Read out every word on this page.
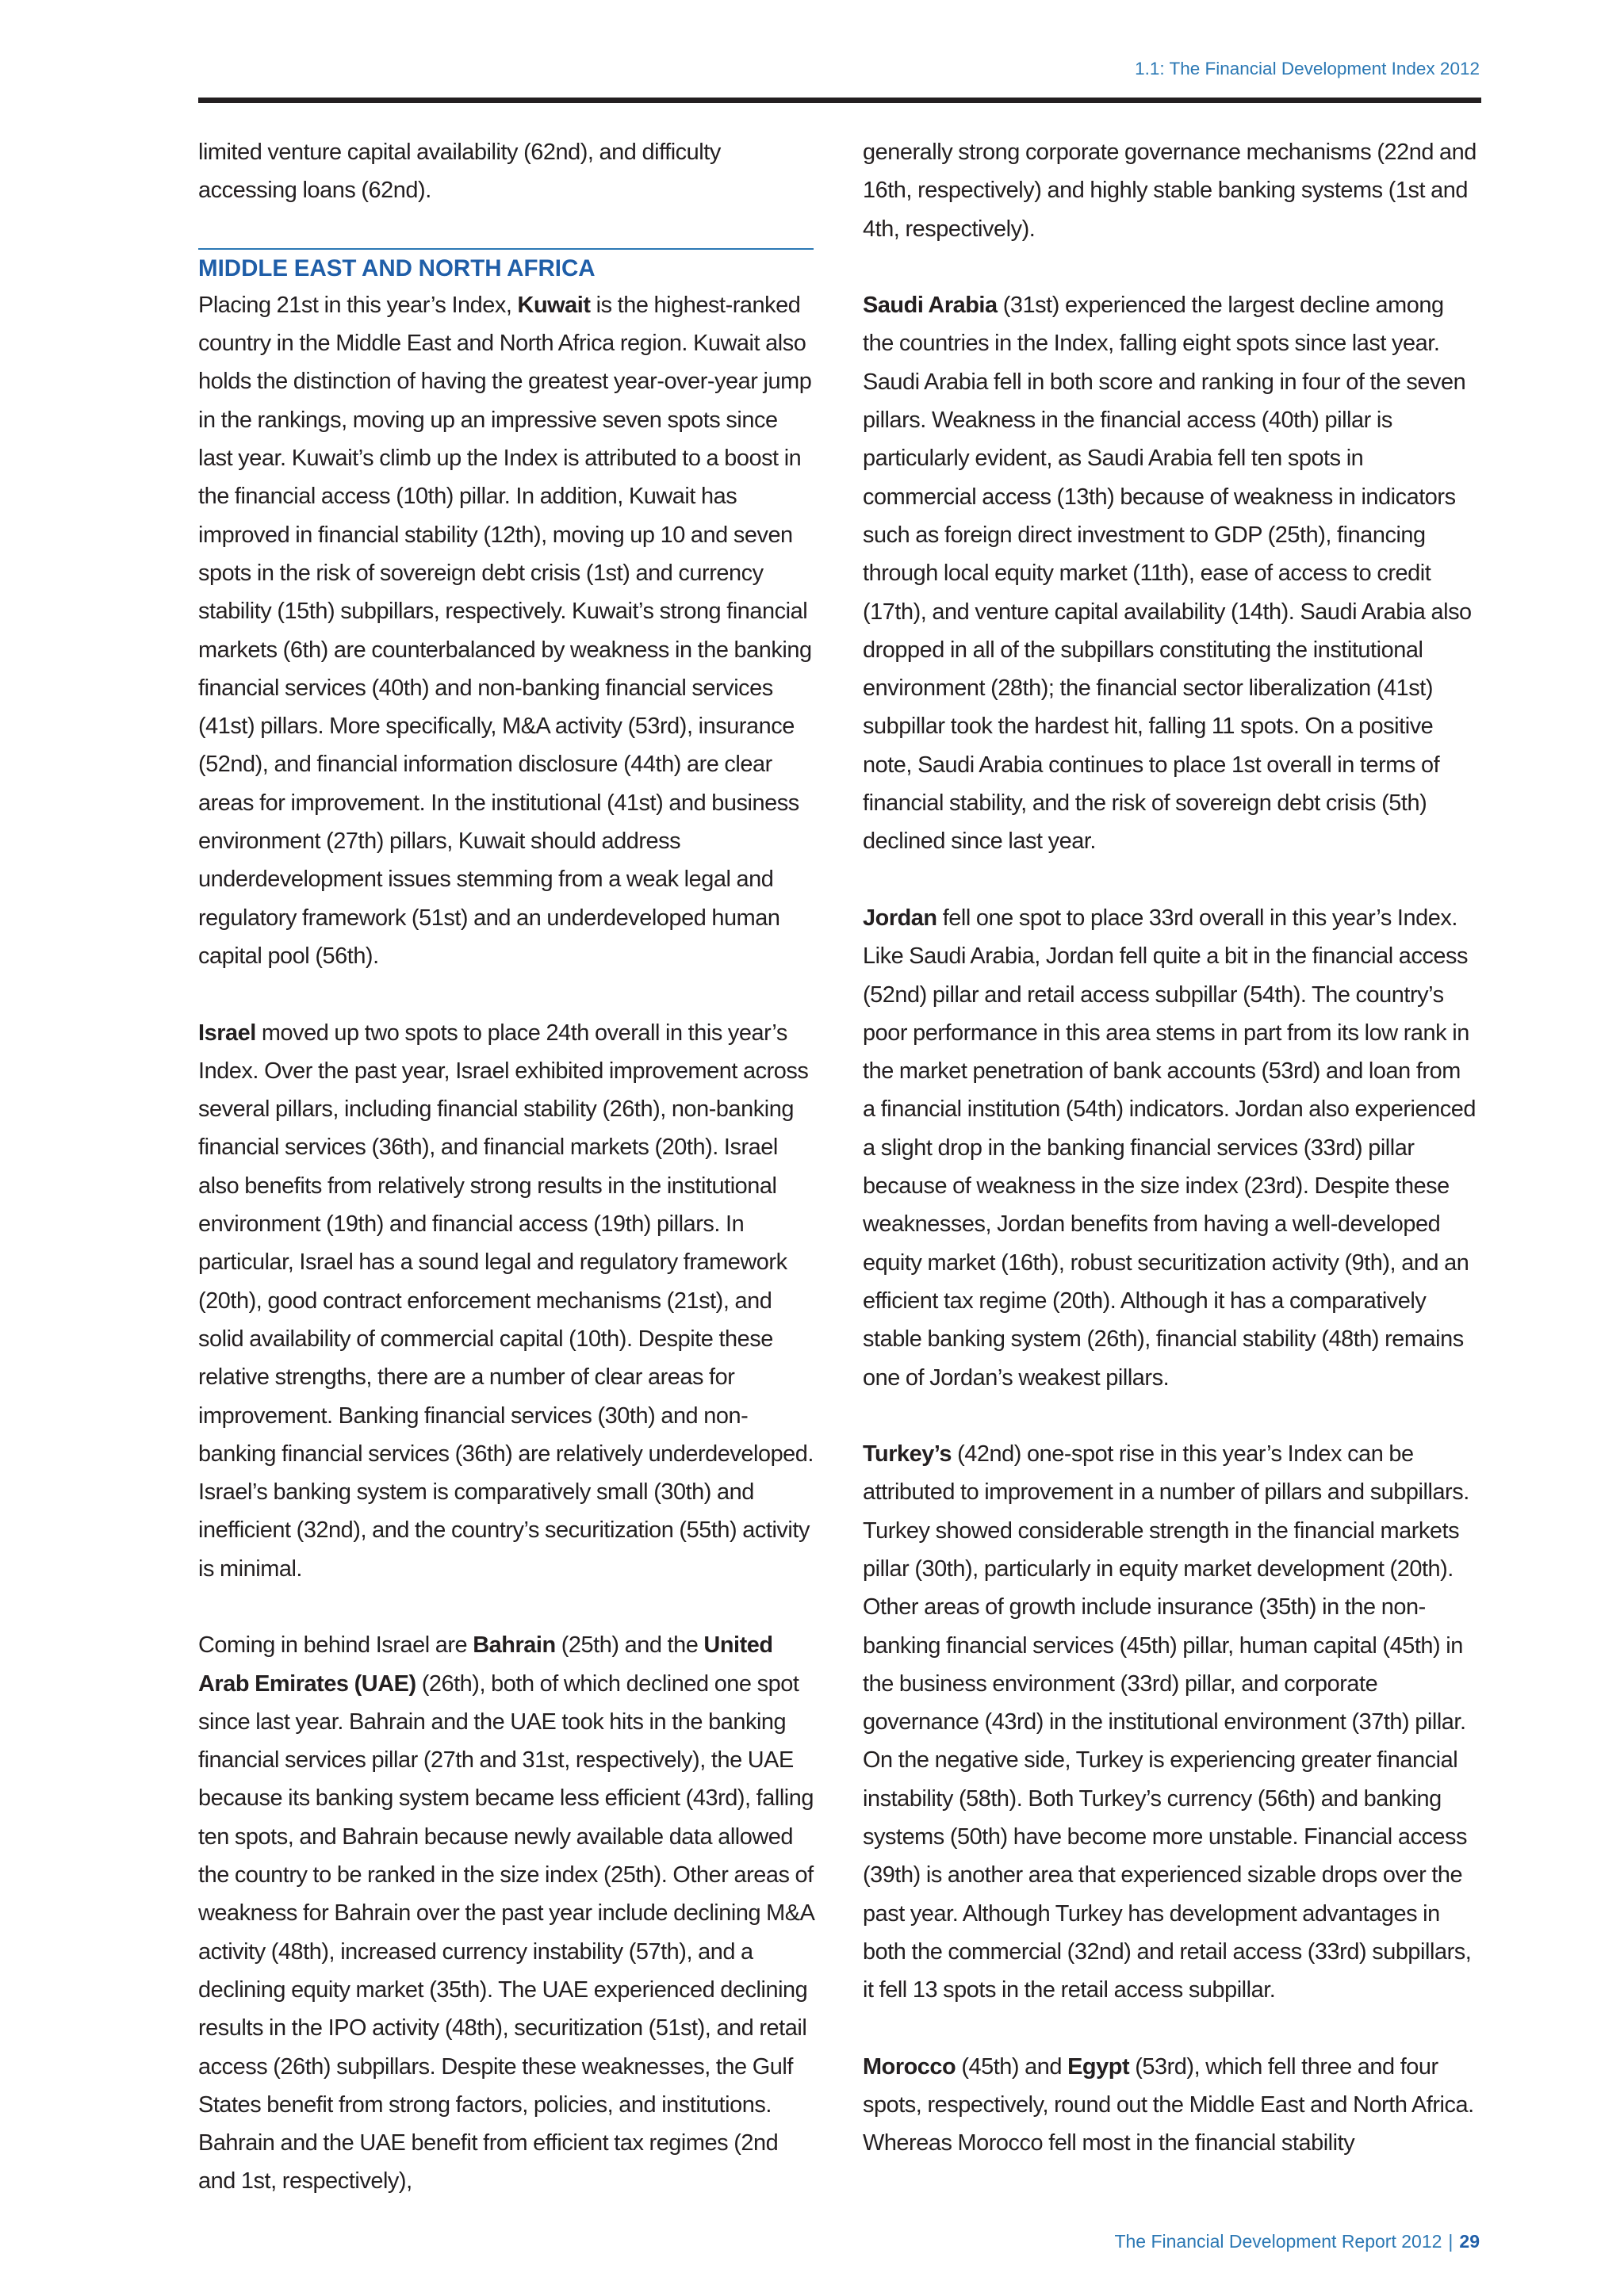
1.1: The Financial Development Index 2012

limited venture capital availability (62nd), and difficulty accessing loans (62nd).

MIDDLE EAST AND NORTH AFRICA

Placing 21st in this year’s Index, Kuwait is the highest-ranked country in the Middle East and North Africa region. Kuwait also holds the distinction of having the greatest year-over-year jump in the rankings, moving up an impressive seven spots since last year. Kuwait’s climb up the Index is attributed to a boost in the financial access (10th) pillar. In addition, Kuwait has improved in financial stability (12th), moving up 10 and seven spots in the risk of sovereign debt crisis (1st) and currency stability (15th) subpillars, respectively. Kuwait’s strong financial markets (6th) are counterbalanced by weakness in the banking financial services (40th) and non-banking financial services (41st) pillars. More specifically, M&A activity (53rd), insurance (52nd), and financial information disclosure (44th) are clear areas for improvement. In the institutional (41st) and business environment (27th) pillars, Kuwait should address underdevelopment issues stemming from a weak legal and regulatory framework (51st) and an underdeveloped human capital pool (56th).

Israel moved up two spots to place 24th overall in this year’s Index. Over the past year, Israel exhibited improvement across several pillars, including financial stability (26th), non-banking financial services (36th), and financial markets (20th). Israel also benefits from relatively strong results in the institutional environment (19th) and financial access (19th) pillars. In particular, Israel has a sound legal and regulatory framework (20th), good contract enforcement mechanisms (21st), and solid availability of commercial capital (10th). Despite these relative strengths, there are a number of clear areas for improvement. Banking financial services (30th) and non-banking financial services (36th) are relatively underdeveloped. Israel’s banking system is comparatively small (30th) and inefficient (32nd), and the country’s securitization (55th) activity is minimal.

Coming in behind Israel are Bahrain (25th) and the United Arab Emirates (UAE) (26th), both of which declined one spot since last year. Bahrain and the UAE took hits in the banking financial services pillar (27th and 31st, respectively), the UAE because its banking system became less efficient (43rd), falling ten spots, and Bahrain because newly available data allowed the country to be ranked in the size index (25th). Other areas of weakness for Bahrain over the past year include declining M&A activity (48th), increased currency instability (57th), and a declining equity market (35th). The UAE experienced declining results in the IPO activity (48th), securitization (51st), and retail access (26th) subpillars. Despite these weaknesses, the Gulf States benefit from strong factors, policies, and institutions. Bahrain and the UAE benefit from efficient tax regimes (2nd and 1st, respectively),

generally strong corporate governance mechanisms (22nd and 16th, respectively) and highly stable banking systems (1st and 4th, respectively).

Saudi Arabia (31st) experienced the largest decline among the countries in the Index, falling eight spots since last year. Saudi Arabia fell in both score and ranking in four of the seven pillars. Weakness in the financial access (40th) pillar is particularly evident, as Saudi Arabia fell ten spots in commercial access (13th) because of weakness in indicators such as foreign direct investment to GDP (25th), financing through local equity market (11th), ease of access to credit (17th), and venture capital availability (14th). Saudi Arabia also dropped in all of the subpillars constituting the institutional environment (28th); the financial sector liberalization (41st) subpillar took the hardest hit, falling 11 spots. On a positive note, Saudi Arabia continues to place 1st overall in terms of financial stability, and the risk of sovereign debt crisis (5th) declined since last year.

Jordan fell one spot to place 33rd overall in this year’s Index. Like Saudi Arabia, Jordan fell quite a bit in the financial access (52nd) pillar and retail access subpillar (54th). The country’s poor performance in this area stems in part from its low rank in the market penetration of bank accounts (53rd) and loan from a financial institution (54th) indicators. Jordan also experienced a slight drop in the banking financial services (33rd) pillar because of weakness in the size index (23rd). Despite these weaknesses, Jordan benefits from having a well-developed equity market (16th), robust securitization activity (9th), and an efficient tax regime (20th). Although it has a comparatively stable banking system (26th), financial stability (48th) remains one of Jordan’s weakest pillars.

Turkey’s (42nd) one-spot rise in this year’s Index can be attributed to improvement in a number of pillars and subpillars. Turkey showed considerable strength in the financial markets pillar (30th), particularly in equity market development (20th). Other areas of growth include insurance (35th) in the non-banking financial services (45th) pillar, human capital (45th) in the business environment (33rd) pillar, and corporate governance (43rd) in the institutional environment (37th) pillar. On the negative side, Turkey is experiencing greater financial instability (58th). Both Turkey’s currency (56th) and banking systems (50th) have become more unstable. Financial access (39th) is another area that experienced sizable drops over the past year. Although Turkey has development advantages in both the commercial (32nd) and retail access (33rd) subpillars, it fell 13 spots in the retail access subpillar.

Morocco (45th) and Egypt (53rd), which fell three and four spots, respectively, round out the Middle East and North Africa. Whereas Morocco fell most in the financial stability

The Financial Development Report 2012 | 29
